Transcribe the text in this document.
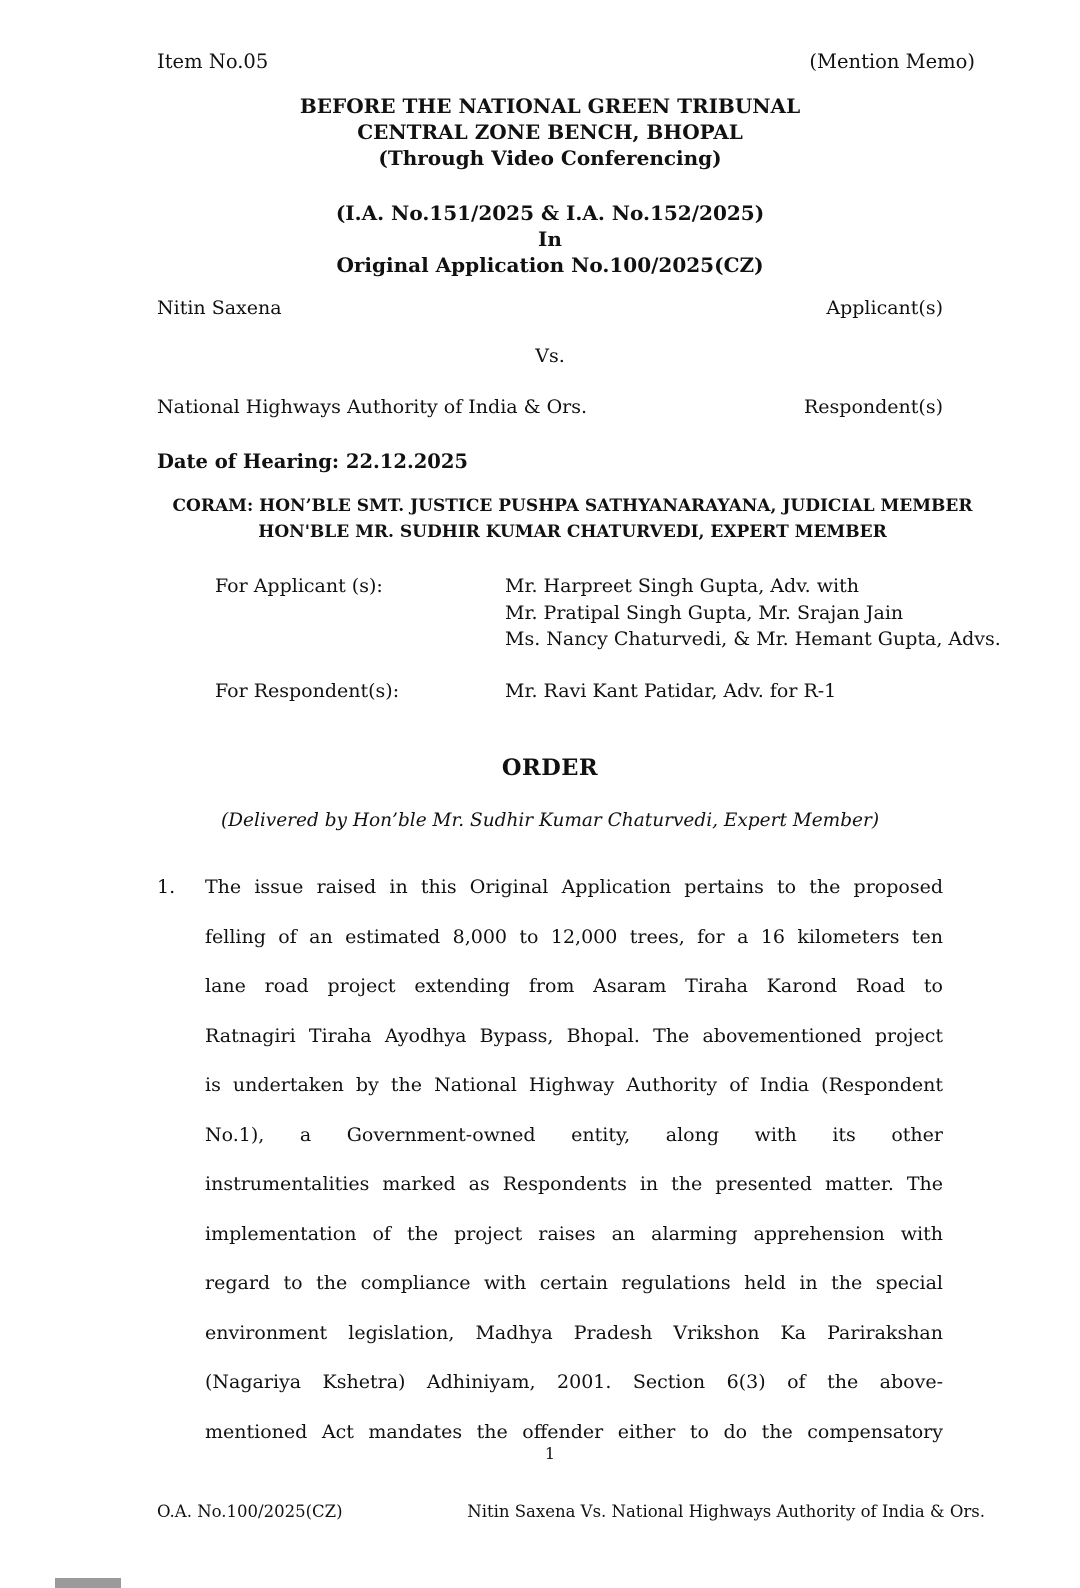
Item No.05	(Mention Memo)
BEFORE THE NATIONAL GREEN TRIBUNAL
CENTRAL ZONE BENCH, BHOPAL
(Through Video Conferencing)
(I.A. No.151/2025 & I.A. No.152/2025)
In
Original Application No.100/2025(CZ)
Nitin Saxena	Applicant(s)
Vs.
National Highways Authority of India & Ors.	Respondent(s)
Date of Hearing: 22.12.2025
CORAM: HON’BLE SMT. JUSTICE PUSHPA SATHYANARAYANA, JUDICIAL MEMBER
HON'BLE MR. SUDHIR KUMAR CHATURVEDI, EXPERT MEMBER
For Applicant (s):	Mr. Harpreet Singh Gupta, Adv. with
Mr. Pratipal Singh Gupta, Mr. Srajan Jain
Ms. Nancy Chaturvedi, & Mr. Hemant Gupta, Advs.
For Respondent(s):	Mr. Ravi Kant Patidar, Adv. for R-1
ORDER
(Delivered by Hon’ble Mr. Sudhir Kumar Chaturvedi, Expert Member)
1. The issue raised in this Original Application pertains to the proposed
felling of an estimated 8,000 to 12,000 trees, for a 16 kilometers ten
lane road project extending from Asaram Tiraha Karond Road to
Ratnagiri Tiraha Ayodhya Bypass, Bhopal. The abovementioned project
is undertaken by the National Highway Authority of India (Respondent
No.1), a Government-owned entity, along with its other
instrumentalities marked as Respondents in the presented matter. The
implementation of the project raises an alarming apprehension with
regard to the compliance with certain regulations held in the special
environment legislation, Madhya Pradesh Vrikshon Ka Parirakshan
(Nagariya Kshetra) Adhiniyam, 2001. Section 6(3) of the above-
mentioned Act mandates the offender either to do the compensatory
1
O.A. No.100/2025(CZ)	Nitin Saxena Vs. National Highways Authority of India & Ors.
